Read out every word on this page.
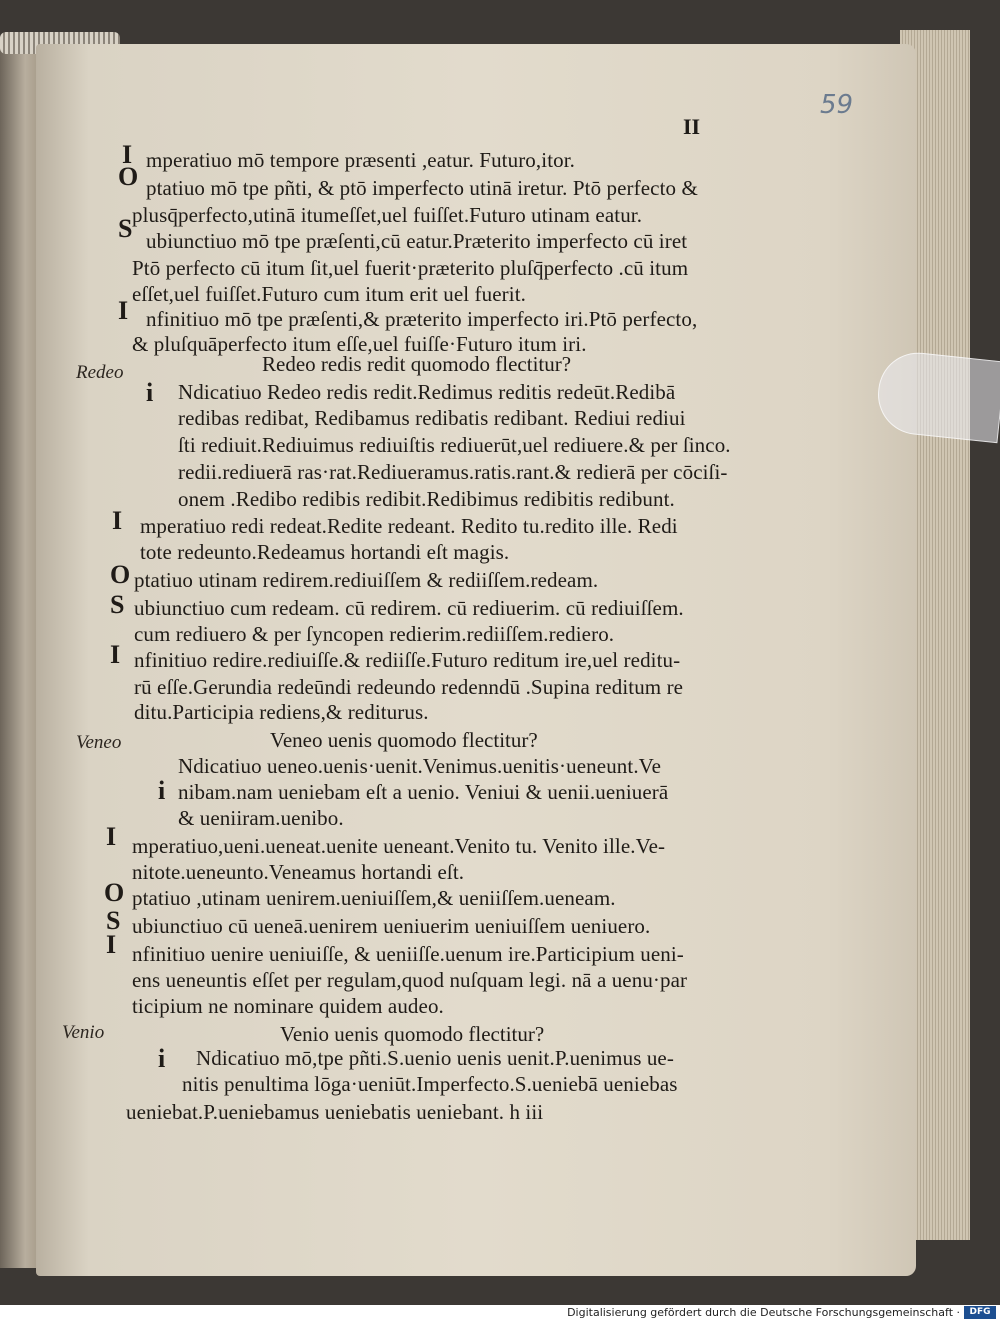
59
II
Redeo
Veneo
Venio
I
O
S
I
i
I
O
S
I
i
I
O
S
I
i
Redeo redis redit quomodo flectitur?
Veneo uenis quomodo flectitur?
Venio uenis quomodo flectitur?
mperatiuo mō tempore præsenti ,eatur. Futuro,itor.
ptatiuo mō tpe pñti, & ptō imperfecto utinā iretur. Ptō perfecto &
plusq̄perfecto,utinā itumeſſet,uel fuiſſet.Futuro utinam eatur.
ubiunctiuo mō tpe præſenti,cū eatur.Præterito imperfecto cū iret
Ptō perfecto cū itum ſit,uel fuerit·præterito pluſq̄perfecto .cū itum
eſſet,uel fuiſſet.Futuro cum itum erit uel fuerit.
nfinitiuo mō tpe præſenti,& præterito imperfecto iri.Ptō perfecto,
& pluſquāperfecto itum eſſe,uel fuiſſe·Futuro itum iri.
Ndicatiuo Redeo redis redit.Redimus reditis redeūt.Redibā
redibas redibat, Redibamus redibatis redibant. Rediui rediui
ſti rediuit.Rediuimus rediuiſtis rediuerūt,uel rediuere.& per ſinco.
redii.rediuerā ras·rat.Rediueramus.ratis.rant.& redierā per cōciſi-
onem .Redibo redibis redibit.Redibimus redibitis redibunt.
mperatiuo redi redeat.Redite redeant. Redito tu.redito ille. Redi
tote redeunto.Redeamus hortandi eſt magis.
ptatiuo utinam redirem.rediuiſſem & rediiſſem.redeam.
ubiunctiuo cum redeam. cū redirem. cū rediuerim. cū rediuiſſem.
cum rediuero & per ſyncopen redierim.rediiſſem.rediero.
nfinitiuo redire.rediuiſſe.& rediiſſe.Futuro reditum ire,uel reditu-
rū eſſe.Gerundia redeūndi redeundo redenndū .Supina reditum re
ditu.Participia rediens,& rediturus.
Ndicatiuo ueneo.uenis·uenit.Venimus.uenitis·ueneunt.Ve
nibam.nam ueniebam eſt a uenio. Veniui & uenii.ueniuerā
& ueniiram.uenibo.
mperatiuo,ueni.ueneat.uenite ueneant.Venito tu. Venito ille.Ve-
nitote.ueneunto.Veneamus hortandi eſt.
ptatiuo ,utinam uenirem.ueniuiſſem,& ueniiſſem.ueneam.
ubiunctiuo cū ueneā.uenirem ueniuerim ueniuiſſem ueniuero.
nfinitiuo uenire ueniuiſſe, & ueniiſſe.uenum ire.Participium ueni-
ens ueneuntis eſſet per regulam,quod nuſquam legi. nā a uenu·par
ticipium ne nominare quidem audeo.
Ndicatiuo mō,tpe pñti.S.uenio uenis uenit.P.uenimus ue-
nitis penultima lōga·ueniūt.Imperfecto.S.ueniebā ueniebas
ueniebat.P.ueniebamus ueniebatis ueniebant. h iii
Digitalisierung gefördert durch die Deutsche Forschungsgemeinschaft ·	DFG
